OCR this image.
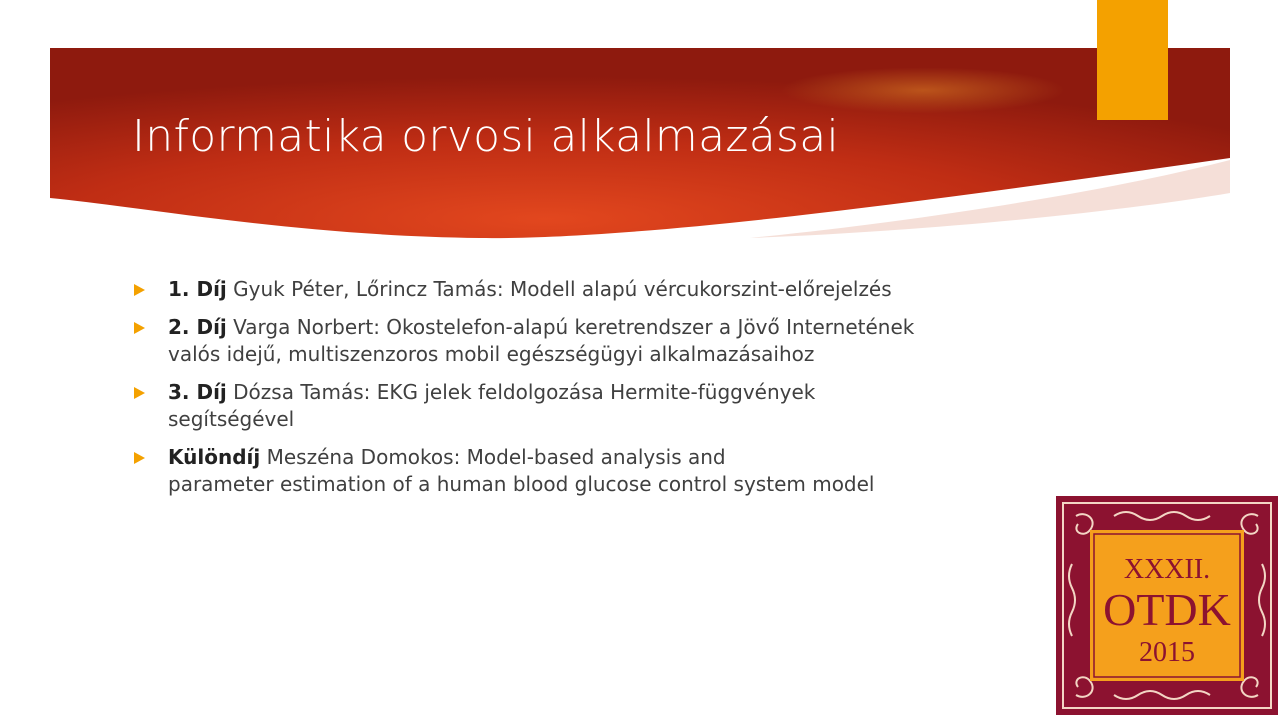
Informatika orvosi alkalmazásai
1. Díj Gyuk Péter, Lőrincz Tamás: Modell alapú vércukorszint-előrejelzés
2. Díj Varga Norbert: Okostelefon-alapú keretrendszer a Jövő Internetének
valós idejű, multiszenzoros mobil egészségügyi alkalmazásaihoz
3. Díj Dózsa Tamás: EKG jelek feldolgozása Hermite-függvények
segítségével
Különdíj Meszéna Domokos: Model-based analysis and
parameter estimation of a human blood glucose control system model
XXXII.
OTDK
2015
